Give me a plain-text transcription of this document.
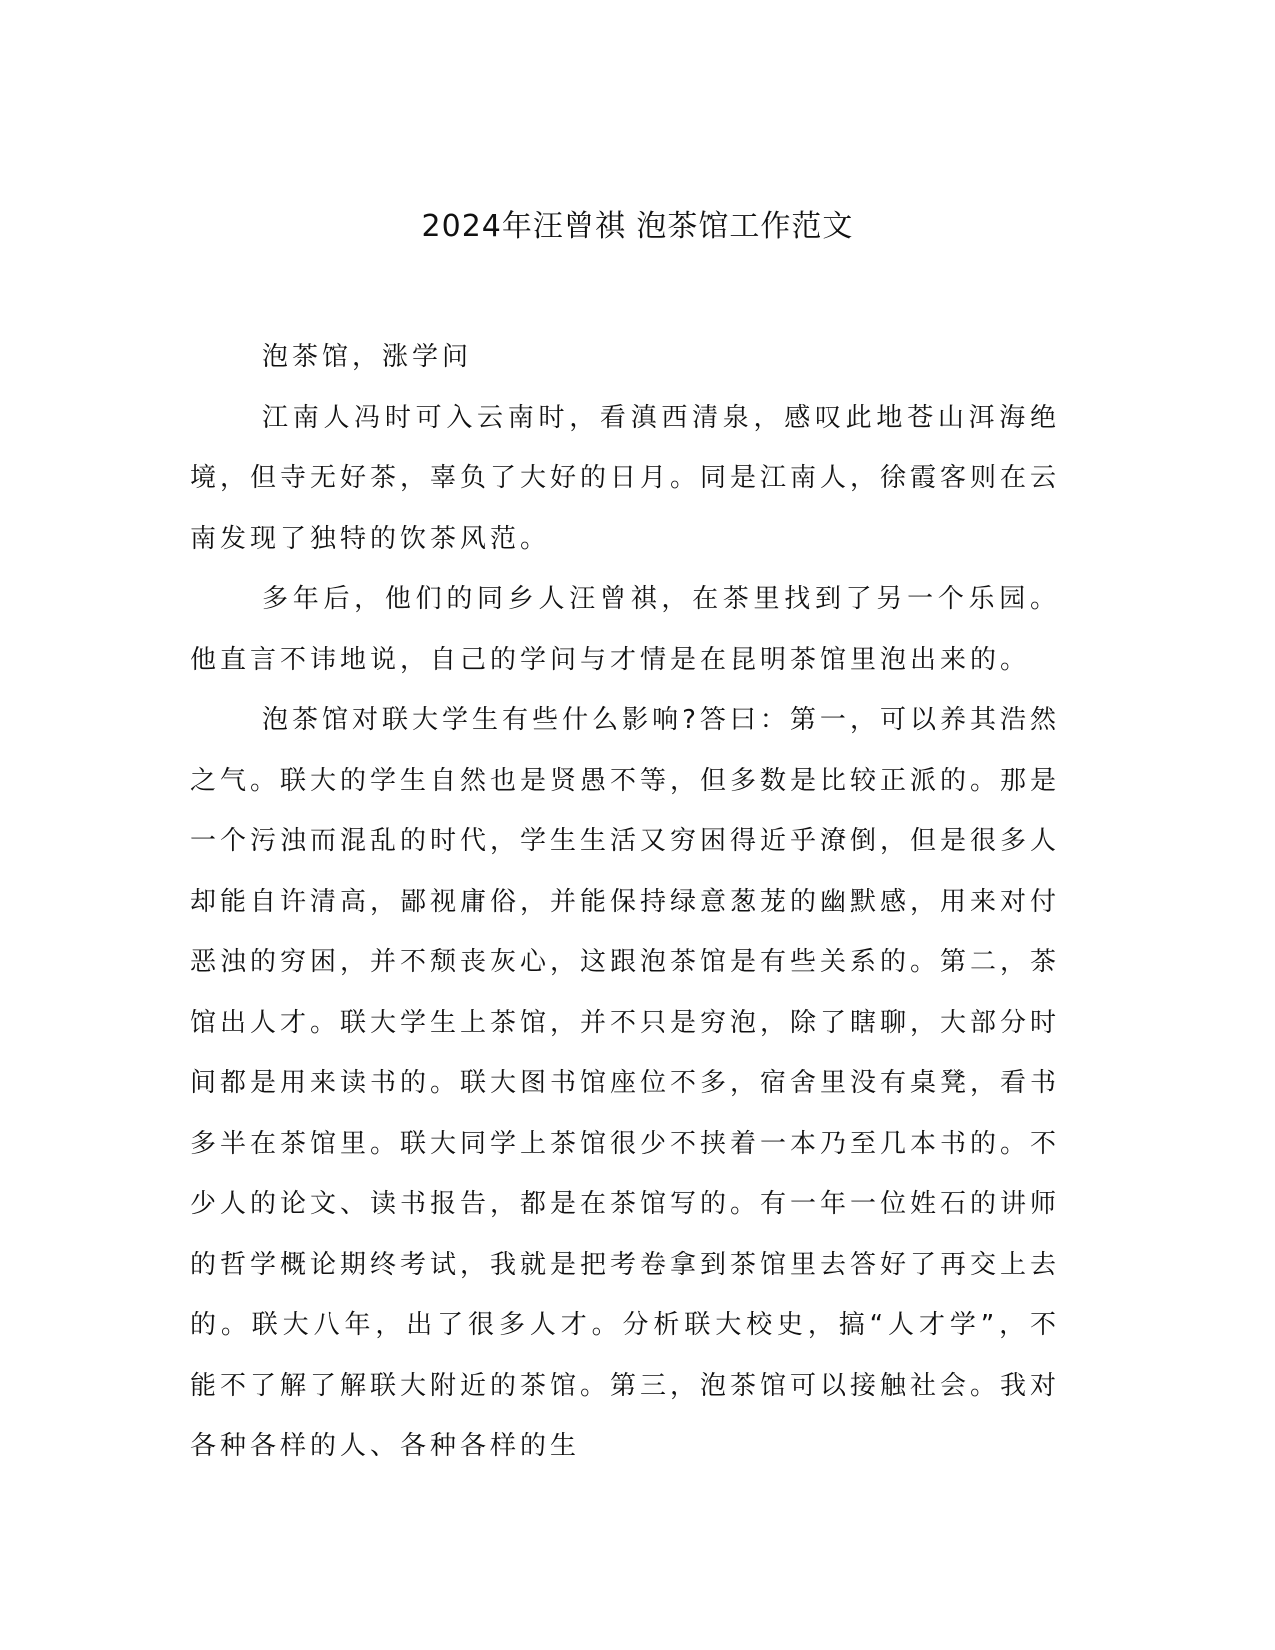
2024年汪曾祺 泡茶馆工作范文

泡茶馆，涨学问

江南人冯时可入云南时，看滇西清泉，感叹此地苍山洱海绝境，但寺无好茶，辜负了大好的日月。同是江南人，徐霞客则在云南发现了独特的饮茶风范。

多年后，他们的同乡人汪曾祺，在茶里找到了另一个乐园。他直言不讳地说，自己的学问与才情是在昆明茶馆里泡出来的。

泡茶馆对联大学生有些什么影响?答曰：第一，可以养其浩然之气。联大的学生自然也是贤愚不等，但多数是比较正派的。那是一个污浊而混乱的时代，学生生活又穷困得近乎潦倒，但是很多人却能自许清高，鄙视庸俗，并能保持绿意葱茏的幽默感，用来对付恶浊的穷困，并不颓丧灰心，这跟泡茶馆是有些关系的。第二，茶馆出人才。联大学生上茶馆，并不只是穷泡，除了瞎聊，大部分时间都是用来读书的。联大图书馆座位不多，宿舍里没有桌凳，看书多半在茶馆里。联大同学上茶馆很少不挟着一本乃至几本书的。不少人的论文、读书报告，都是在茶馆写的。有一年一位姓石的讲师的哲学概论期终考试，我就是把考卷拿到茶馆里去答好了再交上去的。联大八年，出了很多人才。分析联大校史，搞“人才学”，不能不了解了解联大附近的茶馆。第三，泡茶馆可以接触社会。我对各种各样的人、各种各样的生
